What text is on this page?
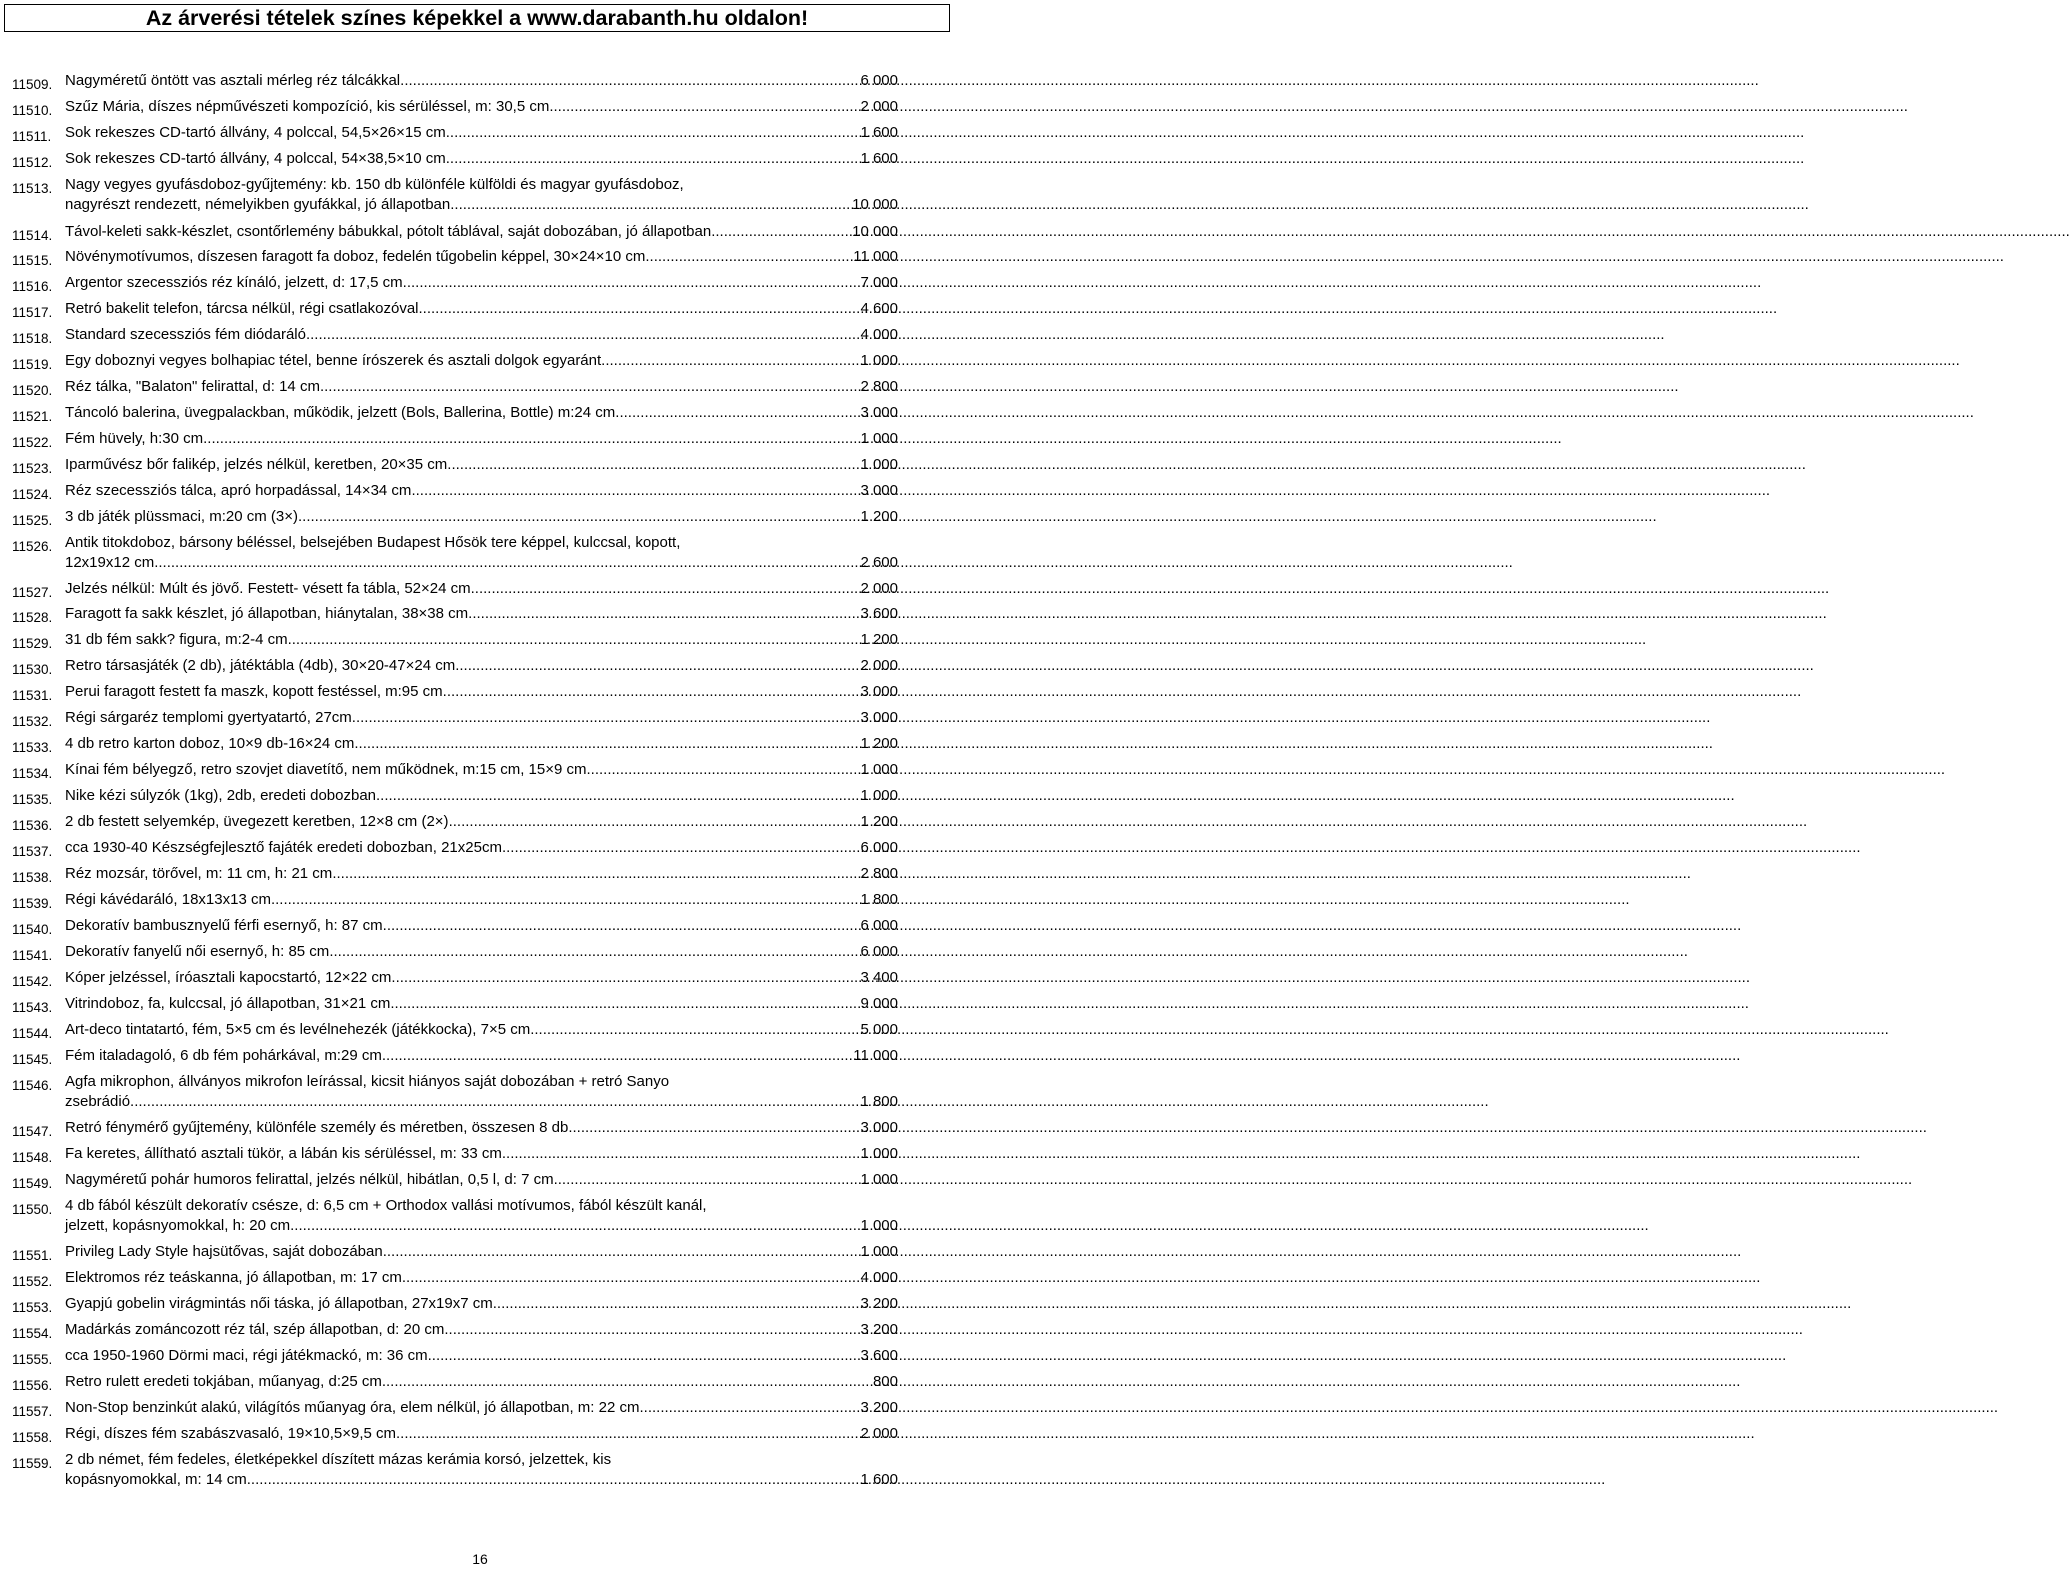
Az árverési tételek színes képekkel a www.darabanth.hu oldalon!
11509. Nagyméretű öntött vas asztali mérleg réz tálcákkal .....	6 000
11510. Szűz Mária, díszes népművészeti kompozíció, kis sérüléssel, m: 30,5 cm .....	2 000
11511. Sok rekeszes CD-tartó állvány, 4 polccal, 54,5×26×15 cm .....	1 600
11512. Sok rekeszes CD-tartó állvány, 4 polccal, 54×38,5×10 cm .....	1 600
11513. Nagy vegyes gyufásdoboz-gyűjtemény: kb. 150 db különféle külföldi és magyar gyufásdoboz,
nagyrészt rendezett, némelyikben gyufákkal, jó állapotban .....	10 000
11514. Távol-keleti sakk-készlet, csontőrlemény bábukkal, pótolt táblával, saját dobozában, jó állapotban .....	10 000
11515. Növénymotívumos, díszesen faragott fa doboz, fedelén tűgobelin képpel, 30×24×10 cm .....	11 000
11516. Argentor szecessziós réz kínáló, jelzett, d: 17,5 cm .....	7 000
11517. Retró bakelit telefon, tárcsa nélkül, régi csatlakozóval .....	4 600
11518. Standard szecessziós fém diódaráló .....	4 000
11519. Egy doboznyi vegyes bolhapiac tétel, benne írószerek és asztali dolgok egyaránt .....	1 000
11520. Réz tálka, "Balaton" felirattal, d: 14 cm .....	2 800
11521. Táncoló balerina, üvegpalackban, működik, jelzett (Bols, Ballerina, Bottle) m:24 cm .....	3 000
11522. Fém hüvely, h:30 cm .....	1 000
11523. Iparművész bőr falikép, jelzés nélkül, keretben, 20×35 cm .....	1 000
11524. Réz szecessziós tálca, apró horpadással, 14×34 cm .....	3 000
11525. 3 db játék plüssmaci, m:20 cm (3×) .....	1 200
11526. Antik titokdoboz, bársony béléssel, belsejében Budapest Hősök tere képpel, kulccsal, kopott,
12x19x12 cm .....	2 600
11527. Jelzés nélkül: Múlt és jövő. Festett- vésett fa tábla, 52×24 cm .....	2 000
11528. Faragott fa sakk készlet, jó állapotban, hiánytalan, 38×38 cm .....	3 600
11529. 31 db fém sakk? figura, m:2-4 cm .....	1 200
11530. Retro társasjáték (2 db), játéktábla (4db), 30×20-47×24 cm .....	2 000
11531. Perui faragott festett fa maszk, kopott festéssel, m:95 cm .....	3 000
11532. Régi sárgaréz templomi gyertyatartó, 27cm .....	3 000
11533. 4 db retro karton doboz, 10×9 db-16×24 cm .....	1 200
11534. Kínai fém bélyegző, retro szovjet diavetítő, nem működnek, m:15 cm, 15×9 cm .....	1 000
11535. Nike kézi súlyzók (1kg), 2db, eredeti dobozban .....	1 000
11536. 2 db festett selyemkép, üvegezett keretben, 12×8 cm (2×) .....	1 200
11537. cca 1930-40 Készségfejlesztő fajáték eredeti dobozban, 21x25cm .....	6 000
11538. Réz mozsár, törővel, m: 11 cm, h: 21 cm .....	2 800
11539. Régi kávédaráló, 18x13x13 cm .....	1 800
11540. Dekoratív bambusznyelű férfi esernyő, h: 87 cm .....	6 000
11541. Dekoratív fanyelű női esernyő, h: 85 cm .....	6 000
11542. Kóper jelzéssel, íróasztali kapocstartó, 12×22 cm .....	3 400
11543. Vitrindoboz, fa, kulccsal, jó állapotban, 31×21 cm .....	9 000
11544. Art-deco tintatartó, fém, 5×5 cm és levélnehezék (játékkocka), 7×5 cm .....	5 000
11545. Fém italadagoló, 6 db fém pohárkával, m:29 cm .....	11 000
11546. Agfa mikrophon, állványos mikrofon leírással, kicsit hiányos saját dobozában + retró Sanyo
zsebrádió .....	1 800
11547. Retró fénymérő gyűjtemény, különféle személy és méretben, összesen 8 db .....	3 000
11548. Fa keretes, állítható asztali tükör, a lábán kis sérüléssel, m: 33 cm .....	1 000
11549. Nagyméretű pohár humoros felirattal, jelzés nélkül, hibátlan, 0,5 l, d: 7 cm .....	1 000
11550. 4 db fából készült dekoratív csésze, d: 6,5 cm + Orthodox vallási motívumos, fából készült kanál,
jelzett, kopásnyomokkal, h: 20 cm .....	1 000
11551. Privileg Lady Style hajsütővas, saját dobozában .....	1 000
11552. Elektromos réz teáskanna, jó állapotban, m: 17 cm .....	4 000
11553. Gyapjú gobelin virágmintás női táska, jó állapotban, 27x19x7 cm .....	3 200
11554. Madárkás zománcozott réz tál, szép állapotban, d: 20 cm .....	3 200
11555. cca 1950-1960 Dörmi maci, régi játékmackó, m: 36 cm .....	3 600
11556. Retro rulett eredeti tokjában, műanyag, d:25 cm .....	800
11557. Non-Stop benzinkút alakú, világítós műanyag óra, elem nélkül, jó állapotban, m: 22 cm .....	3 200
11558. Régi, díszes fém szabászvasaló, 19×10,5×9,5 cm .....	2 000
11559. 2 db német, fém fedeles, életképekkel díszített mázas kerámia korsó, jelzettek, kis
kopásnyomokkal, m: 14 cm .....	1 600
16
